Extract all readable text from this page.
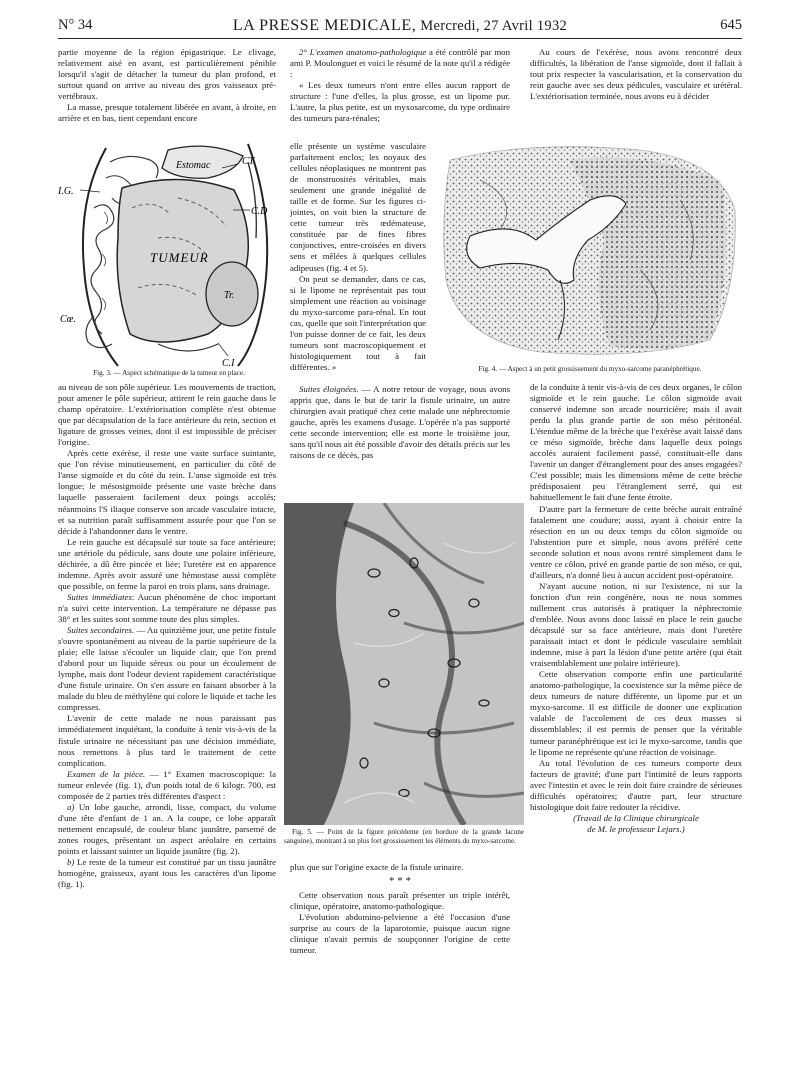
N° 34	LA PRESSE MEDICALE, Mercredi, 27 Avril 1932	645

partie moyenne de la région épigastrique. Le clivage, relativement aisé en avant, est particulièrement pénible lorsqu'il s'agit de détacher la tumeur du plan profond, et surtout quand on arrive au niveau des gros vaisseaux pré-vertébraux.

La masse, presque totalement libérée en avant, à droite, en arrière et en bas, tient cependant encore

Estomac	CT
I.G.
C.D
TUMEUR
Tr.
Cœ.
C.I
Fig. 3. — Aspect schématique de la tumeur en place.

au niveau de son pôle supérieur. Les mouvements de traction, pour amener le pôle supérieur, attirent le rein gauche dans le champ opératoire. L'extériorisation complète n'est obtenue que par décapsulation de la face antérieure du rein, section et ligature de grosses veines, dont il est impossible de préciser l'origine.

Après cette exérèse, il reste une vaste surface suintante, que l'on révise minutieusement, en particulier du côté de l'anse sigmoïde et du côté du rein. L'anse sigmoïde est très longue; le mésosigmoïde présente une vaste brèche dans laquelle passeraient facilement deux poings accolés; néanmoins l'S iliaque conserve son arcade vasculaire intacte, et sa nutrition paraît suffisamment assurée pour que l'on se décide à l'abandonner dans le ventre.

Le rein gauche est décapsulé sur toute sa face antérieure; une artériole du pédicule, sans doute une polaire inférieure, déchirée, a dû être pincée et liée; l'uretère est en apparence indemne. Après avoir assuré une hémostase aussi complète que possible, on ferme la paroi en trois plans, sans drainage.

Suites immédiates: Aucun phénomène de choc important n'a suivi cette intervention. La température ne dépasse pas 38° et les suites sont somme toute des plus simples.

Suites secondaires. — Au quinzième jour, une petite fistule s'ouvre spontanément au niveau de la partie supérieure de la plaie; elle laisse s'écouler un liquide clair, que l'on prend d'abord pour un liquide séreux ou pour un écoulement de lymphe, mais dont l'odeur devient rapidement caractéristique d'une fistule urinaire. On s'en assure en faisant absorber à la malade du bleu de méthylène qui colore le liquide et tache les compresses.

L'avenir de cette malade ne nous paraissant pas immédiatement inquiétant, la conduite à tenir vis-à-vis de la fistule urinaire ne nécessitant pas une décision immédiate, nous remettons à plus tard le traitement de cette complication.

Examen de la pièce. — 1° Examen macroscopique: la tumeur enlevée (fig. 1), d'un poids total de 6 kilogr. 700, est composée de 2 parties très différentes d'aspect :

a) Un lobe gauche, arrondi, lisse, compact, du volume d'une tête d'enfant de 1 an. A la coupe, ce lobe apparaît nettement encapsulé, de couleur blanc jaunâtre, parsemé de zones rouges, présentant un aspect aréolaire en certains points et laissant suinter un liquide jaunâtre (fig. 2).

b) Le reste de la tumeur est constitué par un tissu jaunâtre homogène, graisseux, ayant tous les caractères d'un lipome (fig. 1).

2° L'examen anatomo-pathologique a été contrôlé par mon ami P. Moulonguet et voici le résumé de la note qu'il a rédigée :

« Les deux tumeurs n'ont entre elles aucun rapport de structure : l'une d'elles, la plus grosse, est un lipome pur. L'autre, la plus petite, est un myxosarcome, du type ordinaire des tumeurs para-rénales;

elle présente un système vasculaire parfaitement enclos; les noyaux des cellules néoplasiques ne montrent pas de monstruosités véritables, mais seulement une grande inégalité de taille et de forme. Sur les figures ci-jointes, on voit bien la structure de cette tumeur très œdémateuse, constituée par de fines fibres conjonctives, entre-croisées en divers sens et mêlées à quelques cellules adipeuses (fig. 4 et 5).

On peut se demander, dans ce cas, si le lipome ne représentait pas tout simplement une réaction au voisinage du myxo-sarcome para-rénal. En tout cas, quelle que soit l'interprétation que l'on puisse donner de ce fait, les deux tumeurs sont macroscopiquement et histologiquement tout à fait différentes. »

Suites éloignées. — A notre retour de voyage, nous avons appris que, dans le but de tarir la fistule urinaire, un autre chirurgien avait pratiqué chez cette malade une néphrectomie gauche, après les examens d'usage. L'opérée n'a pas supporté cette seconde intervention; elle est morte le troisième jour, sans qu'il nous ait été possible d'avoir des détails précis sur les raisons de ce décès, pas

Fig. 4. — Aspect à un petit grossissement du myxo-sarcome paranéphrétique.
Fig. 5. — Point de la figure précédente (en bordure de la grande lacune sanguine), montrant à un plus fort grossissement les éléments du myxo-sarcome.

plus que sur l'origine exacte de la fistule urinaire.

* * *

Cette observation nous paraît présenter un triple intérêt, clinique, opératoire, anatomo-pathologique.

L'évolution abdomino-pelvienne a été l'occasion d'une surprise au cours de la laparotomie, puisque aucun signe clinique n'avait permis de soupçonner l'origine de cette tumeur.

Au cours de l'exérèse, nous avons rencontré deux difficultés, la libération de l'anse sigmoïde, dont il fallait à tout prix respecter la vascularisation, et la conservation du rein gauche avec ses deux pédicules, vasculaire et urétéral. L'extériorisation terminée, nous avons eu à décider

de la conduite à tenir vis-à-vis de ces deux organes, le côlon sigmoïde et le rein gauche. Le côlon sigmoïde avait conservé indemne son arcade nourricière; mais il avait perdu la plus grande partie de son méso péritonéal. L'étendue même de la brèche que l'exérèse avait laissé dans ce méso sigmoïde, brèche dans laquelle deux poings accolés auraient facilement passé, constituait-elle dans l'avenir un danger d'étranglement pour des anses engagées? C'est possible; mais les dimensions même de cette brèche prédisposaient peu l'étranglement serré, qui est habituellement le fait d'une fente étroite.

D'autre part la fermeture de cette brèche aurait entraîné fatalement une coudure; aussi, ayant à choisir entre la résection en un ou deux temps du côlon sigmoïde ou l'abstention pure et simple, nous avons préféré cette seconde solution et nous avons rentré simplement dans le ventre ce côlon, privé en grande partie de son méso, ce qui, d'ailleurs, n'a donné lieu à aucun accident post-opératoire.

N'ayant aucune notion, ni sur l'existence, ni sur la fonction d'un rein congénère, nous ne nous sommes nullement crus autorisés à pratiquer la néphrectomie d'emblée. Nous avons donc laissé en place le rein gauche décapsulé sur sa face antérieure, mais dont l'uretère paraissait intact et dont le pédicule vasculaire semblait indemne, mise à part la lésion d'une petite artère (qui était vraisemblablement une polaire inférieure).

Cette observation comporte enfin une particularité anatomo-pathologique, la coexistence sur la même pièce de deux tumeurs de nature différente, un lipome pur et un myxo-sarcome. Il est difficile de donner une explication valable de l'accolement de ces deux masses si dissemblables; il est permis de penser que la véritable tumeur paranéphrétique est ici le myxo-sarcome, tandis que le lipome ne représente qu'une réaction de voisinage.

Au total l'évolution de ces tumeurs comporte deux facteurs de gravité; d'une part l'intimité de leurs rapports avec l'intestin et avec le rein doit faire craindre de sérieuses difficultés opératoires; d'autre part, leur structure histologique doit faire redouter la récidive.

(Travail de la Clinique chirurgicale
de M. le professeur Lejars.)
